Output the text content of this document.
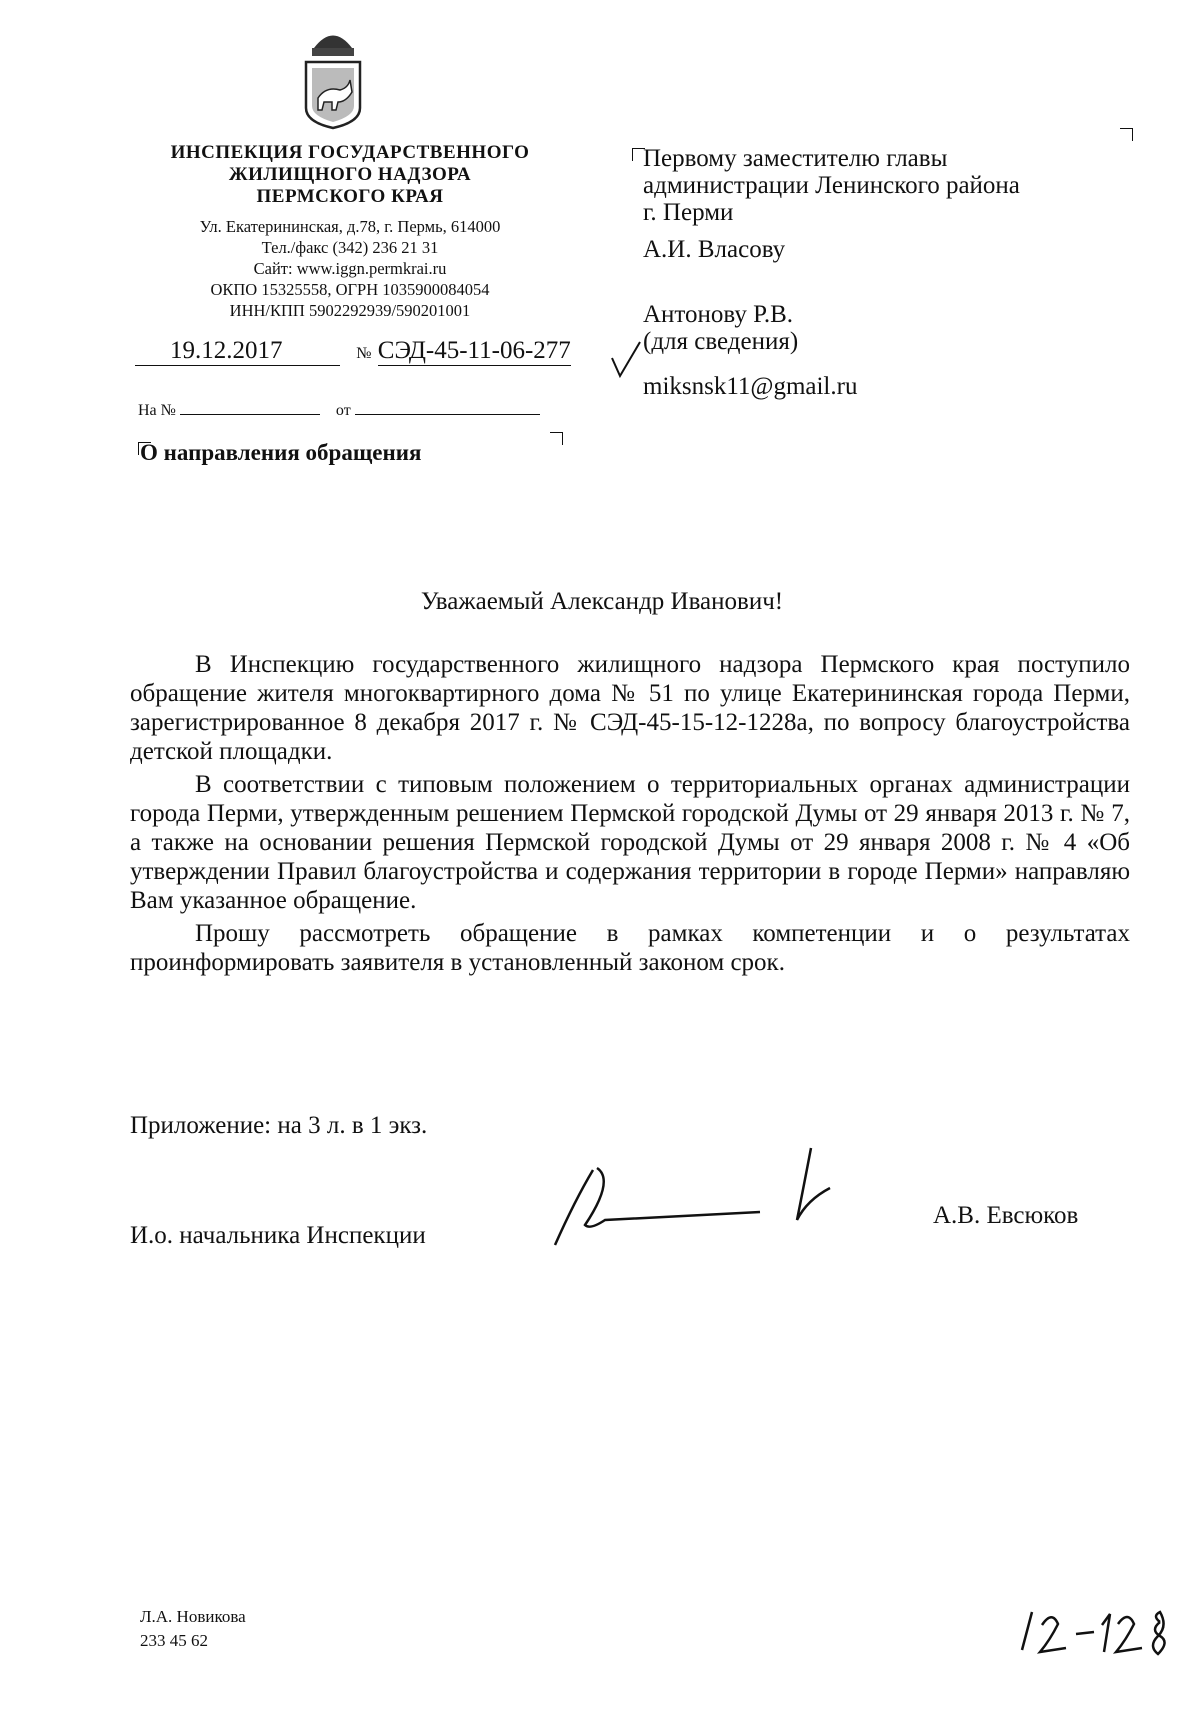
ИНСПЕКЦИЯ ГОСУДАРСТВЕННОГО
ЖИЛИЩНОГО НАДЗОРА
ПЕРМСКОГО КРАЯ
Ул. Екатерининская, д.78, г. Пермь, 614000
Тел./факс (342) 236 21 31
Сайт: www.iggn.permkrai.ru
ОКПО 15325558, ОГРН 1035900084054
ИНН/КПП 5902292939/590201001
19.12.2017	№ СЭД-45-11-06-277
На №	от
Первому заместителю главы
администрации Ленинского района
г. Перми
А.И. Власову
Антонову Р.В.
(для сведения)
miksnsk11@gmail.ru
О направления обращения
Уважаемый Александр Иванович!

В Инспекцию государственного жилищного надзора Пермского края поступило обращение жителя многоквартирного дома № 51 по улице Екатерининская города Перми, зарегистрированное 8 декабря 2017 г. № СЭД-45-15-12-1228а, по вопросу благоустройства детской площадки.

В соответствии с типовым положением о территориальных органах администрации города Перми, утвержденным решением Пермской городской Думы от 29 января 2013 г. № 7, а также на основании решения Пермской городской Думы от 29 января 2008 г. № 4 «Об утверждении Правил благоустройства и содержания территории в городе Перми» направляю Вам указанное обращение.

Прошу рассмотреть обращение в рамках компетенции и о результатах проинформировать заявителя в установленный законом срок.

Приложение: на 3 л. в 1 экз.
И.о. начальника Инспекции
А.В. Евсюков
Л.А. Новикова
233 45 62
